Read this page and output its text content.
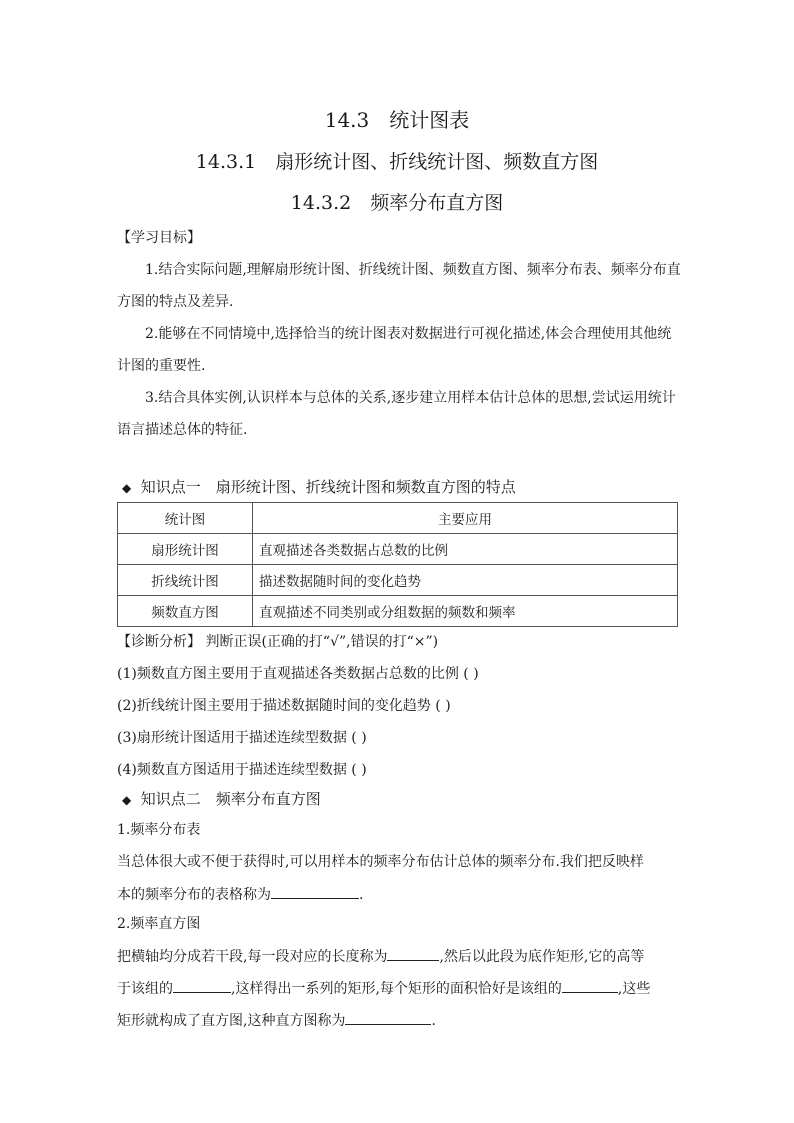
14.3　统计图表
14.3.1　扇形统计图、折线统计图、频数直方图
14.3.2　频率分布直方图
【学习目标】
1.结合实际问题,理解扇形统计图、折线统计图、频数直方图、频率分布表、频率分布直
方图的特点及差异.
2.能够在不同情境中,选择恰当的统计图表对数据进行可视化描述,体会合理使用其他统
计图的重要性.
3.结合具体实例,认识样本与总体的关系,逐步建立用样本估计总体的思想,尝试运用统计
语言描述总体的特征.
◆ 知识点一　扇形统计图、折线统计图和频数直方图的特点
统计图	主要应用
扇形统计图	直观描述各类数据占总数的比例
折线统计图	描述数据随时间的变化趋势
频数直方图	直观描述不同类别或分组数据的频数和频率
【诊断分析】 判断正误(正确的打“√”,错误的打“×”)
(1)频数直方图主要用于直观描述各类数据占总数的比例 ( )
(2)折线统计图主要用于描述数据随时间的变化趋势 ( )
(3)扇形统计图适用于描述连续型数据 ( )
(4)频数直方图适用于描述连续型数据 ( )
◆ 知识点二　频率分布直方图
1.频率分布表
当总体很大或不便于获得时,可以用样本的频率分布估计总体的频率分布.我们把反映样
本的频率分布的表格称为	.
2.频率直方图
把横轴均分成若干段,每一段对应的长度称为	,然后以此段为底作矩形,它的高等
于该组的	,这样得出一系列的矩形,每个矩形的面积恰好是该组的	,这些
矩形就构成了直方图,这种直方图称为	.
